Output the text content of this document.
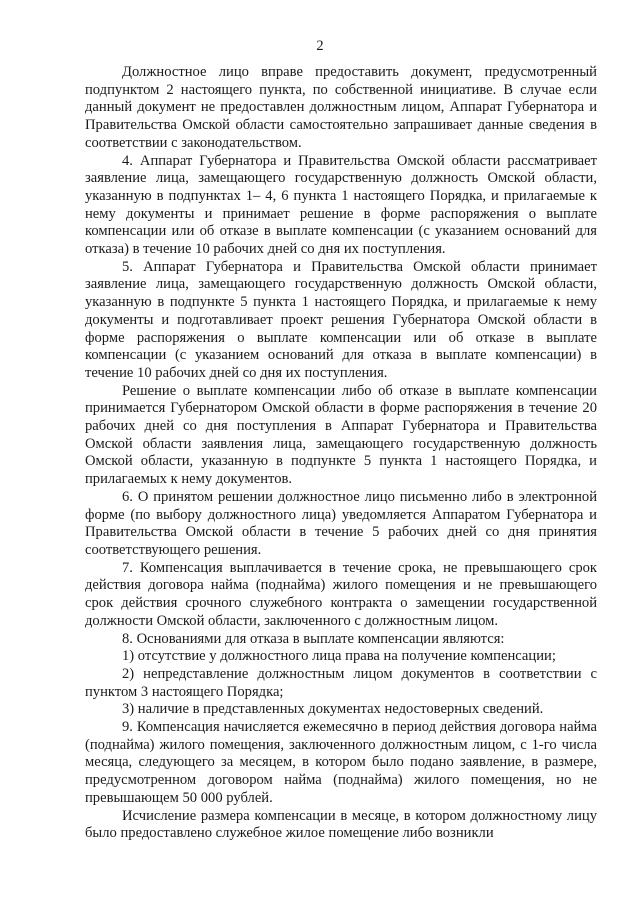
2

Должностное лицо вправе предоставить документ, предусмотренный подпунктом 2 настоящего пункта, по собственной инициативе. В случае если данный документ не предоставлен должностным лицом, Аппарат Губернатора и Правительства Омской области самостоятельно запрашивает данные сведения в соответствии с законодательством.

4. Аппарат Губернатора и Правительства Омской области рассматривает заявление лица, замещающего государственную должность Омской области, указанную в подпунктах 1– 4, 6 пункта 1 настоящего Порядка, и прилагаемые к нему документы и принимает решение в форме распоряжения о выплате компенсации или об отказе в выплате компенсации (с указанием оснований для отказа) в течение 10 рабочих дней со дня их поступления.

5. Аппарат Губернатора и Правительства Омской области принимает заявление лица, замещающего государственную должность Омской области, указанную в подпункте 5 пункта 1 настоящего Порядка, и прилагаемые к нему документы и подготавливает проект решения Губернатора Омской области в форме распоряжения о выплате компенсации или об отказе в выплате компенсации (с указанием оснований для отказа в выплате компенсации) в течение 10 рабочих дней со дня их поступления.

Решение о выплате компенсации либо об отказе в выплате компенсации принимается Губернатором Омской области в форме распоряжения в течение 20 рабочих дней со дня поступления в Аппарат Губернатора и Правительства Омской области заявления лица, замещающего государственную должность Омской области, указанную в подпункте 5 пункта 1 настоящего Порядка, и прилагаемых к нему документов.

6. О принятом решении должностное лицо письменно либо в электронной форме (по выбору должностного лица) уведомляется Аппаратом Губернатора и Правительства Омской области в течение 5 рабочих дней со дня принятия соответствующего решения.

7. Компенсация выплачивается в течение срока, не превышающего срок действия договора найма (поднайма) жилого помещения и не превышающего срок действия срочного служебного контракта о замещении государственной должности Омской области, заключенного с должностным лицом.

8. Основаниями для отказа в выплате компенсации являются:

1) отсутствие у должностного лица права на получение компенсации;

2) непредставление должностным лицом документов в соответствии с пунктом 3 настоящего Порядка;

3) наличие в представленных документах недостоверных сведений.

9. Компенсация начисляется ежемесячно в период действия договора найма (поднайма) жилого помещения, заключенного должностным лицом, с 1-го числа месяца, следующего за месяцем, в котором было подано заявление, в размере, предусмотренном договором найма (поднайма) жилого помещения, но не превышающем 50 000 рублей.

Исчисление размера компенсации в месяце, в котором должностному лицу было предоставлено служебное жилое помещение либо возникли
